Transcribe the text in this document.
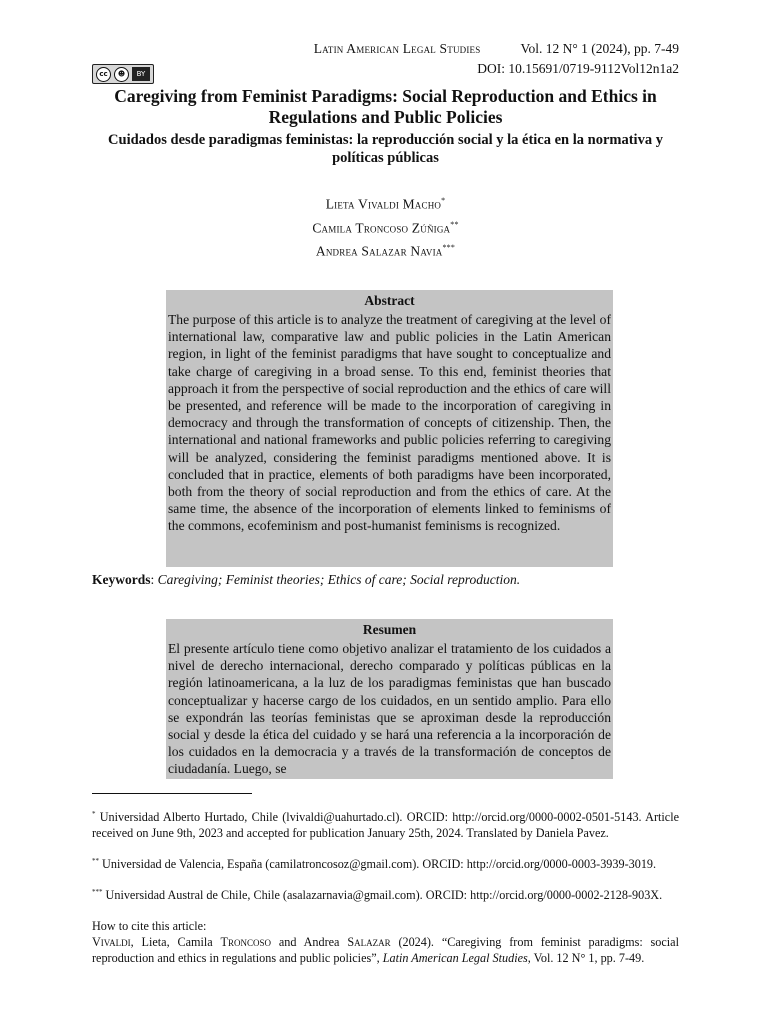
Latin American Legal Studies	Vol. 12 N° 1 (2024), pp. 7-49
cc	☻	BY	DOI: 10.15691/0719-9112Vol12n1a2
Caregiving from Feminist Paradigms: Social Reproduction and Ethics in Regulations and Public Policies
Cuidados desde paradigmas feministas: la reproducción social y la ética en la normativa y políticas públicas
Lieta Vivaldi Macho*
Camila Troncoso Zúñiga**
Andrea Salazar Navia***
Abstract
The purpose of this article is to analyze the treatment of caregiving at the level of international law, comparative law and public policies in the Latin American region, in light of the feminist paradigms that have sought to conceptualize and take charge of caregiving in a broad sense. To this end, feminist theories that approach it from the perspective of social reproduction and the ethics of care will be presented, and reference will be made to the incorporation of caregiving in democracy and through the transformation of concepts of citizenship. Then, the international and national frameworks and public policies referring to caregiving will be analyzed, considering the feminist paradigms mentioned above. It is concluded that in practice, elements of both paradigms have been incorporated, both from the theory of social reproduction and from the ethics of care. At the same time, the absence of the incorporation of elements linked to feminisms of the commons, ecofeminism and post-humanist feminisms is recognized.
Keywords: Caregiving; Feminist theories; Ethics of care; Social reproduction.
Resumen
El presente artículo tiene como objetivo analizar el tratamiento de los cuidados a nivel de derecho internacional, derecho comparado y políticas públicas en la región latinoamericana, a la luz de los paradigmas feministas que han buscado conceptualizar y hacerse cargo de los cuidados, en un sentido amplio. Para ello se expondrán las teorías feministas que se aproximan desde la reproducción social y desde la ética del cuidado y se hará una referencia a la incorporación de los cuidados en la democracia y a través de la transformación de conceptos de ciudadanía. Luego, se
* Universidad Alberto Hurtado, Chile (lvivaldi@uahurtado.cl). ORCID: http://orcid.org/0000-0002-0501-5143. Article received on June 9th, 2023 and accepted for publication January 25th, 2024. Translated by Daniela Pavez.
** Universidad de Valencia, España (camilatroncosoz@gmail.com). ORCID: http://orcid.org/0000-0003-3939-3019.
*** Universidad Austral de Chile, Chile (asalazarnavia@gmail.com). ORCID: http://orcid.org/0000-0002-2128-903X.
How to cite this article:
Vivaldi, Lieta, Camila Troncoso and Andrea Salazar (2024). “Caregiving from feminist paradigms: social reproduction and ethics in regulations and public policies”, Latin American Legal Studies, Vol. 12 N° 1, pp. 7-49.
